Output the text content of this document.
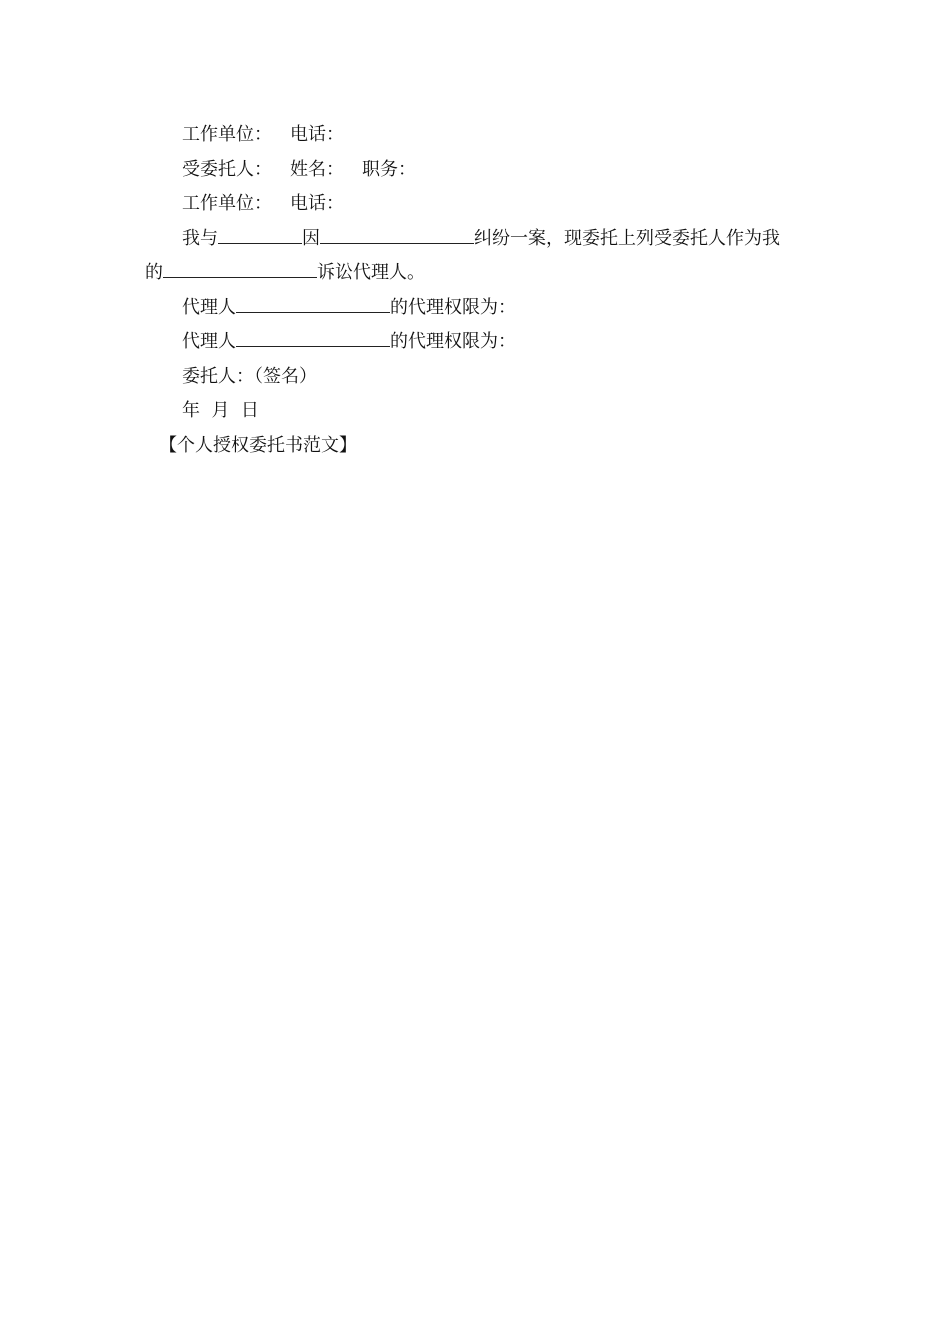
工作单位： 电话：
受委托人： 姓名： 职务：
工作单位： 电话：
我与	因	纠纷一案，现委托上列受委托人作为我
的	诉讼代理人。
代理人	的代理权限为：
代理人	的代理权限为：
委托人：（签名）
年  月  日
【个人授权委托书范文】
